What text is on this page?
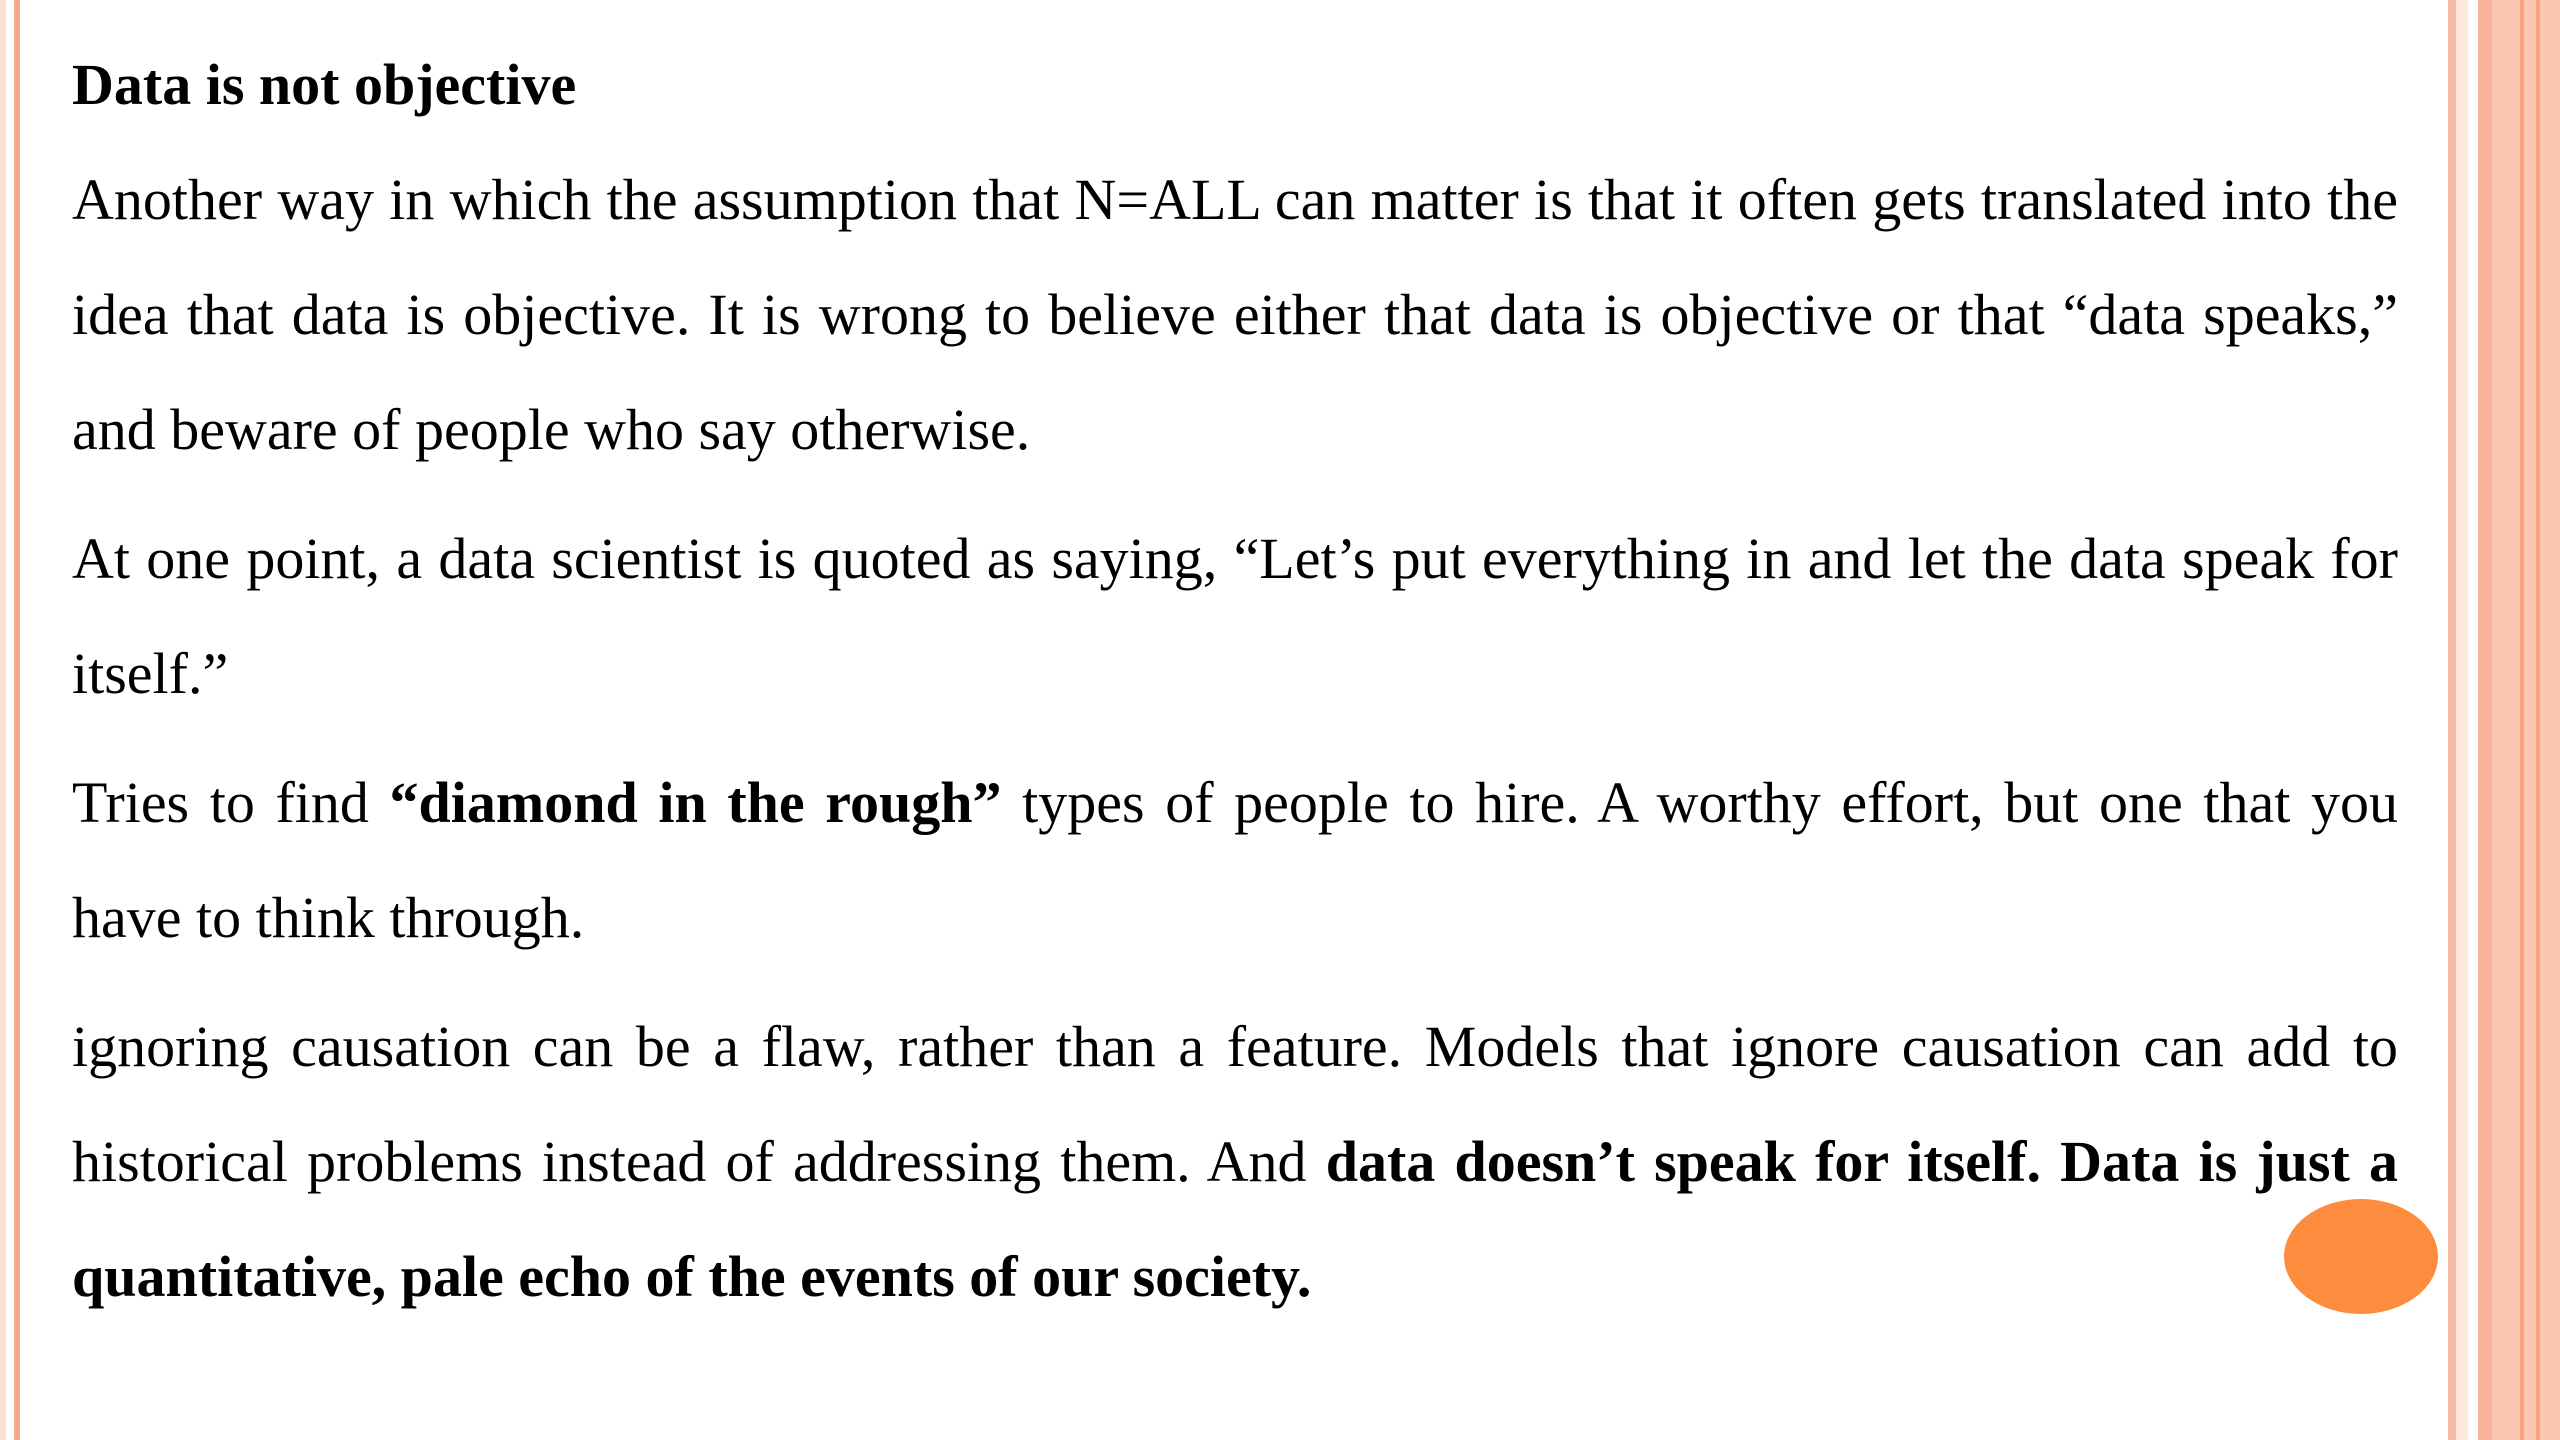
Data is not objective
Another way in which the assumption that N=ALL can matter is that it often gets translated into the idea that data is objective. It is wrong to believe either that data is objective or that “data speaks,” and beware of people who say otherwise.
At one point, a data scientist is quoted as saying, “Let’s put everything in and let the data speak for itself.”
Tries to find “diamond in the rough” types of people to hire. A worthy effort, but one that you have to think through.
ignoring causation can be a flaw, rather than a feature. Models that ignore causation can add to historical problems instead of addressing them. And data doesn’t speak for itself. Data is just a quantitative, pale echo of the events of our society.
